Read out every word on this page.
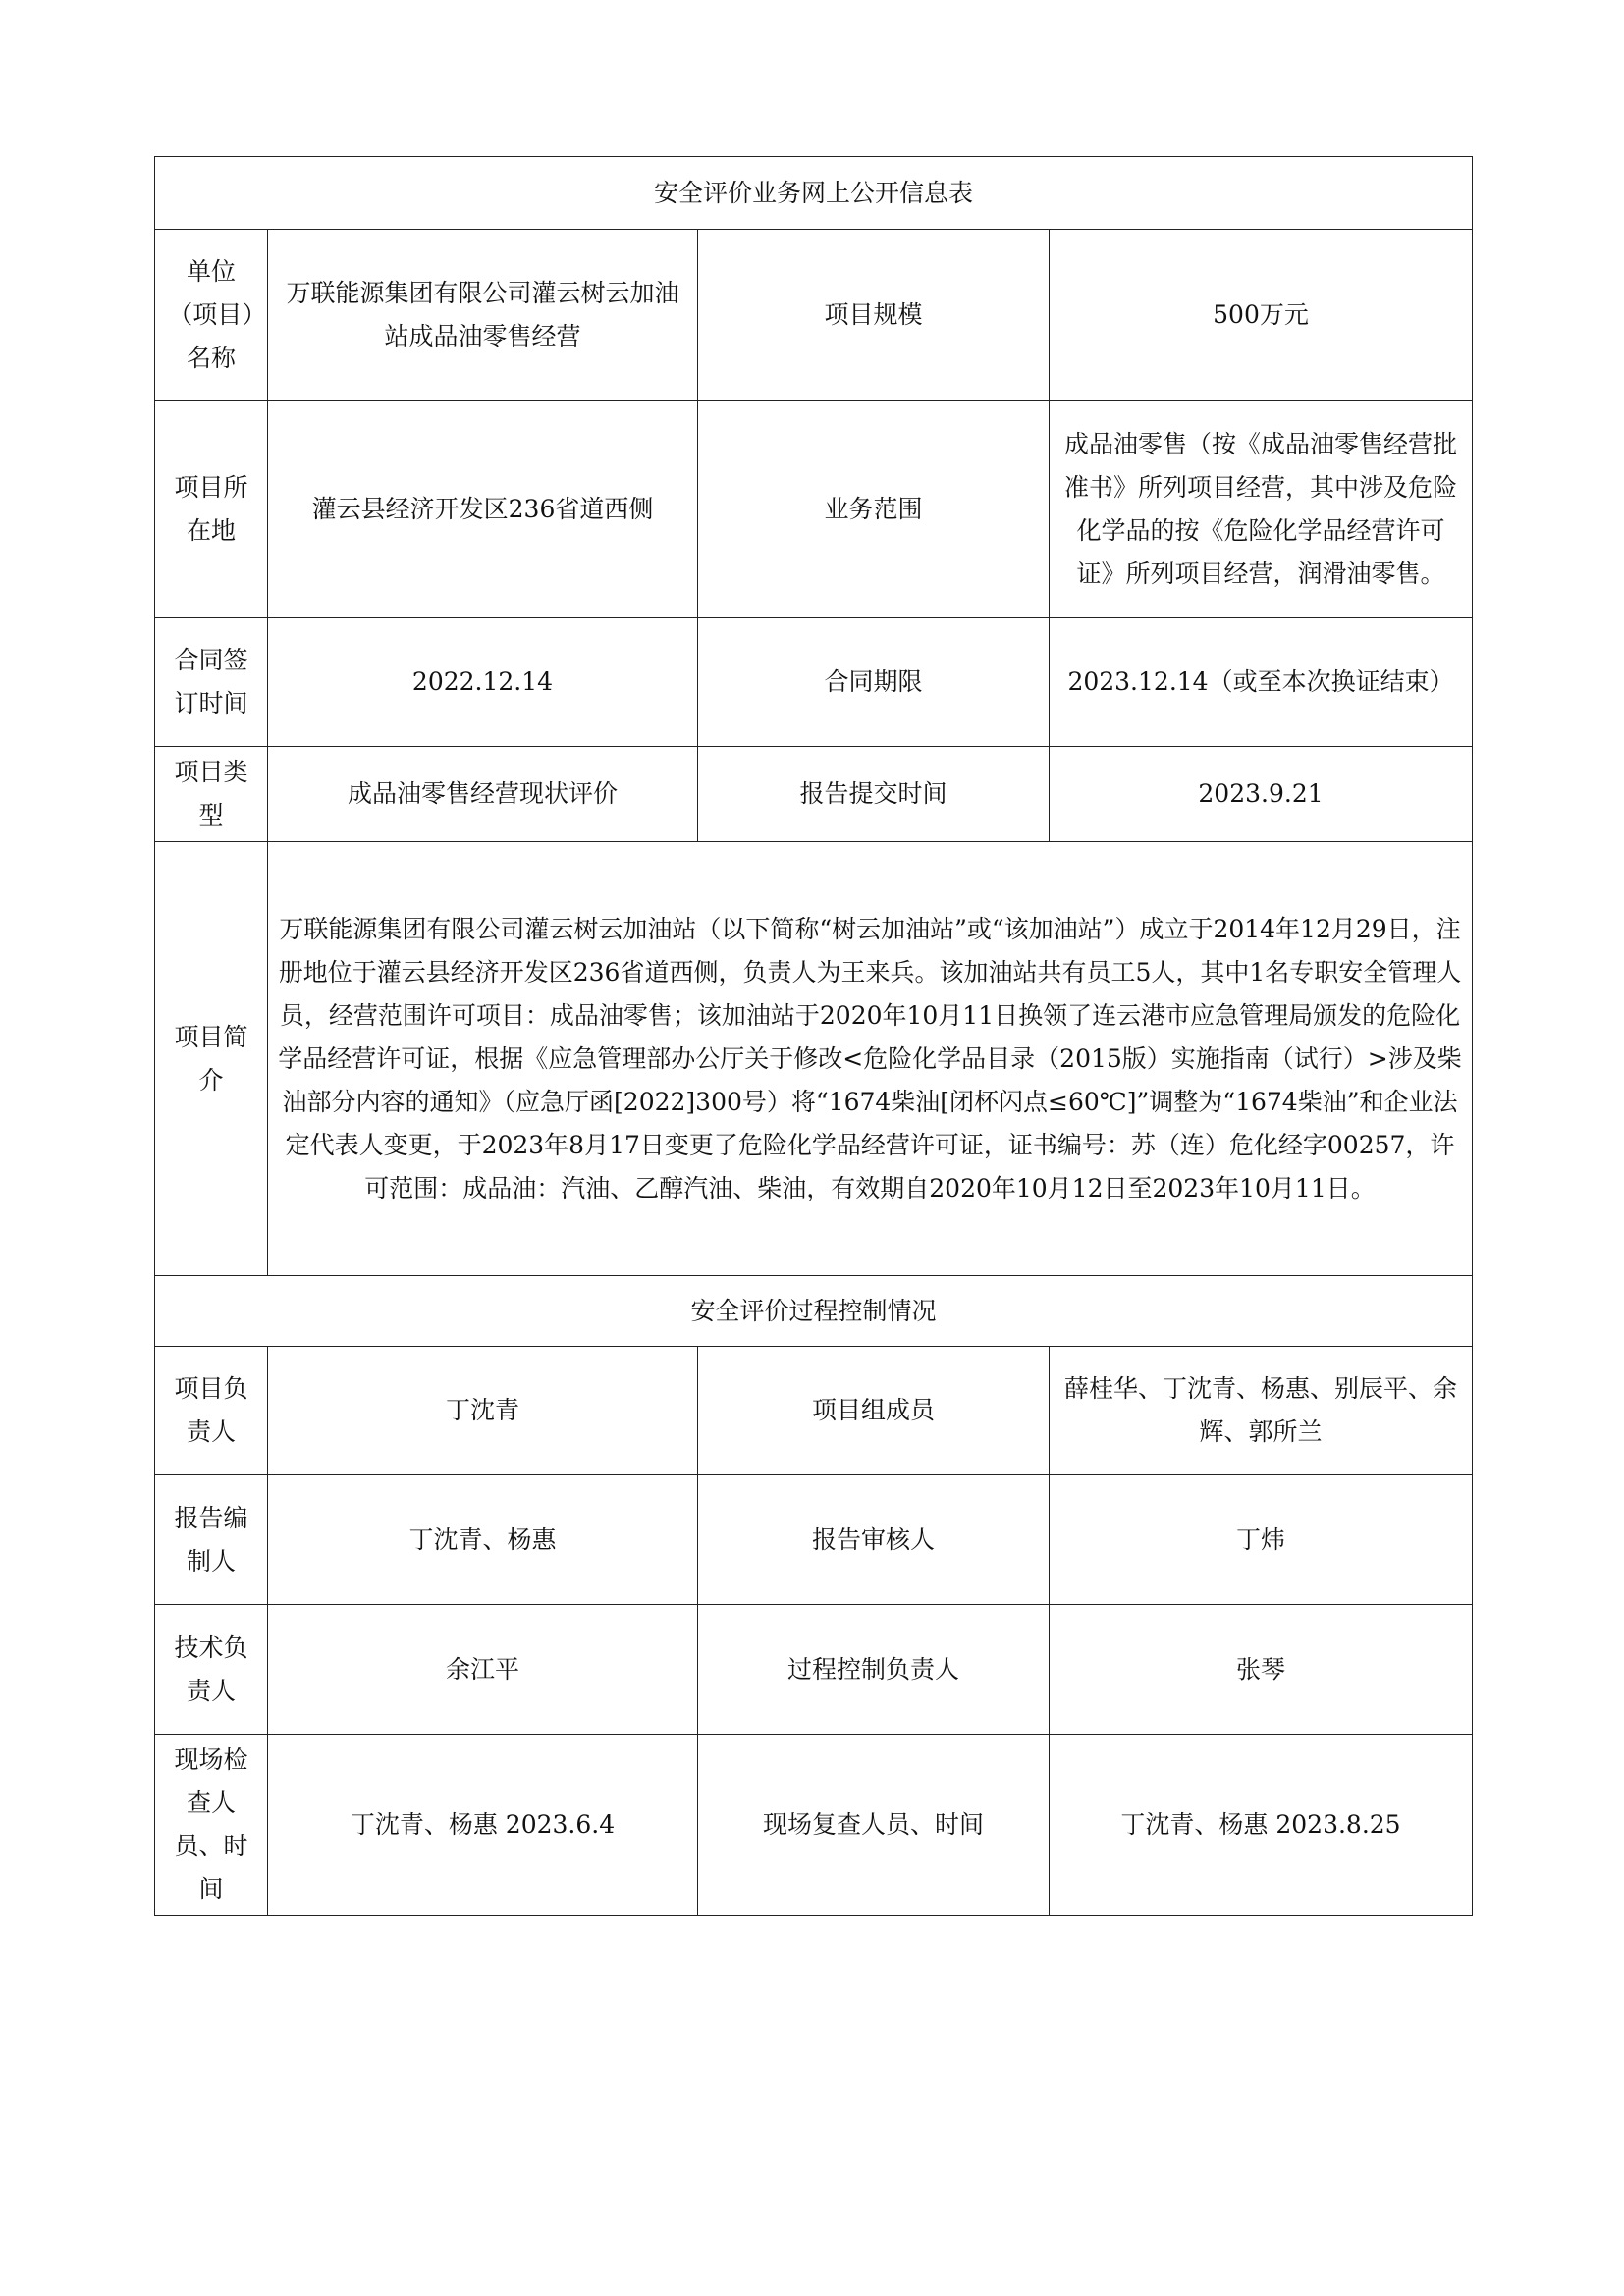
安全评价业务网上公开信息表			
单位（项目）名称	万联能源集团有限公司灌云树云加油站成品油零售经营	项目规模	500万元
项目所在地	灌云县经济开发区236省道西侧	业务范围	成品油零售（按《成品油零售经营批准书》所列项目经营，其中涉及危险化学品的按《危险化学品经营许可证》所列项目经营，润滑油零售。
合同签订时间	2022.12.14	合同期限	2023.12.14（或至本次换证结束）
项目类型	成品油零售经营现状评价	报告提交时间	2023.9.21
项目简介	万联能源集团有限公司灌云树云加油站（以下简称“树云加油站”或“该加油站”）成立于2014年12月29日，注册地位于灌云县经济开发区236省道西侧，负责人为王来兵。该加油站共有员工5人，其中1名专职安全管理人员，经营范围许可项目：成品油零售；该加油站于2020年10月11日换领了连云港市应急管理局颁发的危险化学品经营许可证，根据《应急管理部办公厅关于修改<危险化学品目录（2015版）实施指南（试行）>涉及柴油部分内容的通知》（应急厅函[2022]300号）将“1674柴油[闭杯闪点≤60℃]”调整为“1674柴油”和企业法定代表人变更，于2023年8月17日变更了危险化学品经营许可证，证书编号：苏（连）危化经字00257，许可范围：成品油：汽油、乙醇汽油、柴油，有效期自2020年10月12日至2023年10月11日。		
安全评价过程控制情况			
项目负责人	丁沈青	项目组成员	薛桂华、丁沈青、杨惠、别辰平、余辉、郭所兰
报告编制人	丁沈青、杨惠	报告审核人	丁炜
技术负责人	余江平	过程控制负责人	张琴
现场检查人员、时间	丁沈青、杨惠 2023.6.4	现场复查人员、时间	丁沈青、杨惠 2023.8.25
